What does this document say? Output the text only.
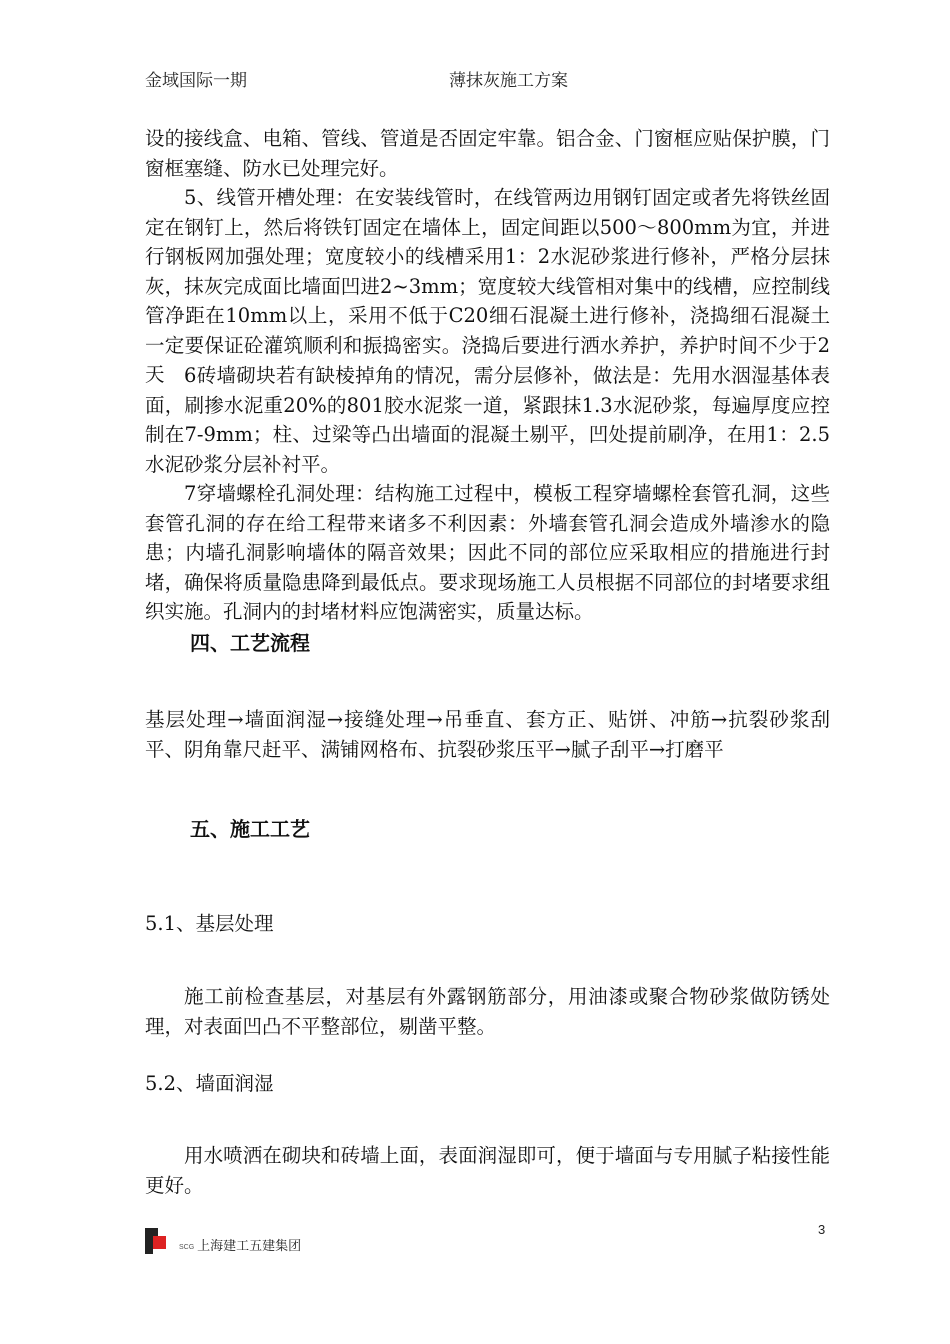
金域国际一期	薄抹灰施工方案

设的接线盒、电箱、管线、管道是否固定牢靠。铝合金、门窗框应贴保护膜，门窗框塞缝、防水已处理完好。

5、线管开槽处理：在安装线管时，在线管两边用钢钉固定或者先将铁丝固定在钢钉上，然后将铁钉固定在墙体上，固定间距以500～800mm为宜，并进行钢板网加强处理；宽度较小的线槽采用1：2水泥砂浆进行修补，严格分层抹灰，抹灰完成面比墙面凹进2~3mm；宽度较大线管相对集中的线槽，应控制线管净距在10mm以上，采用不低于C20细石混凝土进行修补，浇捣细石混凝土一定要保证砼灌筑顺利和振捣密实。浇捣后要进行洒水养护，养护时间不少于2天 6砖墙砌块若有缺棱掉角的情况，需分层修补，做法是：先用水洇湿基体表面，刷掺水泥重20%的801胶水泥浆一道，紧跟抹1.3水泥砂浆，每遍厚度应控制在7-9mm；柱、过梁等凸出墙面的混凝土剔平，凹处提前刷净，在用1：2.5水泥砂浆分层补衬平。

7穿墙螺栓孔洞处理：结构施工过程中，模板工程穿墙螺栓套管孔洞，这些套管孔洞的存在给工程带来诸多不利因素：外墙套管孔洞会造成外墙渗水的隐患；内墙孔洞影响墙体的隔音效果；因此不同的部位应采取相应的措施进行封堵，确保将质量隐患降到最低点。要求现场施工人员根据不同部位的封堵要求组织实施。孔洞内的封堵材料应饱满密实，质量达标。

四、工艺流程

基层处理→墙面润湿→接缝处理→吊垂直、套方正、贴饼、冲筋→抗裂砂浆刮平、阴角靠尺赶平、满铺网格布、抗裂砂浆压平→腻子刮平→打磨平

五、施工工艺

5.1、基层处理

施工前检查基层，对基层有外露钢筋部分，用油漆或聚合物砂浆做防锈处理，对表面凹凸不平整部位，剔凿平整。

5.2、墙面润湿

用水喷洒在砌块和砖墙上面，表面润湿即可，便于墙面与专用腻子粘接性能更好。

3
SCG 上海建工五建集团
